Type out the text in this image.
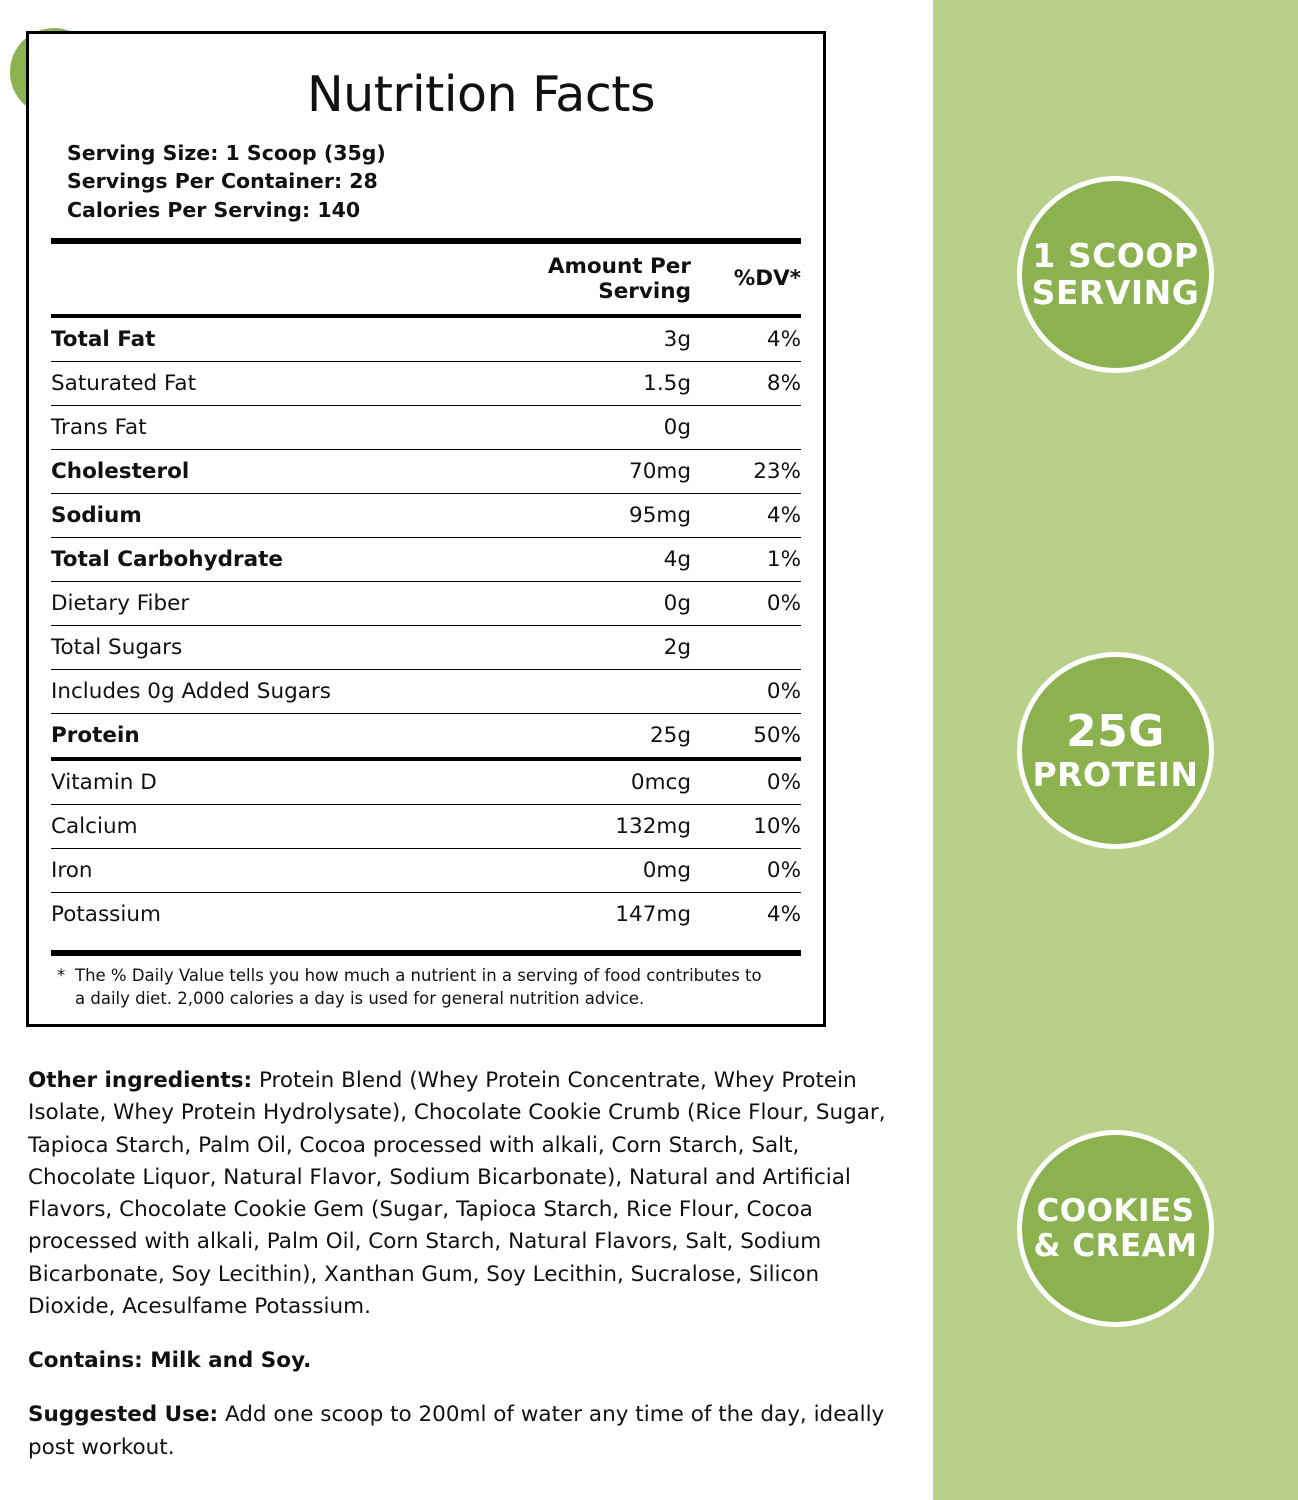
1 SCOOP
SERVING
25G
PROTEIN
COOKIES
& CREAM
Nutrition Facts
Serving Size: 1 Scoop (35g)
Servings Per Container: 28
Calories Per Serving: 140
	Amount Per Serving	%DV*
Total Fat	3g	4%
Saturated Fat	1.5g	8%
Trans Fat	0g	
Cholesterol	70mg	23%
Sodium	95mg	4%
Total Carbohydrate	4g	1%
Dietary Fiber	0g	0%
Total Sugars	2g	
Includes 0g Added Sugars		0%
Protein	25g	50%
Vitamin D	0mcg	0%
Calcium	132mg	10%
Iron	0mg	0%
Potassium	147mg	4%
* The % Daily Value tells you how much a nutrient in a serving of food contributes to a daily diet. 2,000 calories a day is used for general nutrition advice.

Other ingredients: Protein Blend (Whey Protein Concentrate, Whey Protein Isolate, Whey Protein Hydrolysate), Chocolate Cookie Crumb (Rice Flour, Sugar, Tapioca Starch, Palm Oil, Cocoa processed with alkali, Corn Starch, Salt, Chocolate Liquor, Natural Flavor, Sodium Bicarbonate), Natural and Artificial Flavors, Chocolate Cookie Gem (Sugar, Tapioca Starch, Rice Flour, Cocoa processed with alkali, Palm Oil, Corn Starch, Natural Flavors, Salt, Sodium Bicarbonate, Soy Lecithin), Xanthan Gum, Soy Lecithin, Sucralose, Silicon Dioxide, Acesulfame Potassium.

Contains: Milk and Soy.

Suggested Use: Add one scoop to 200ml of water any time of the day, ideally post workout.
